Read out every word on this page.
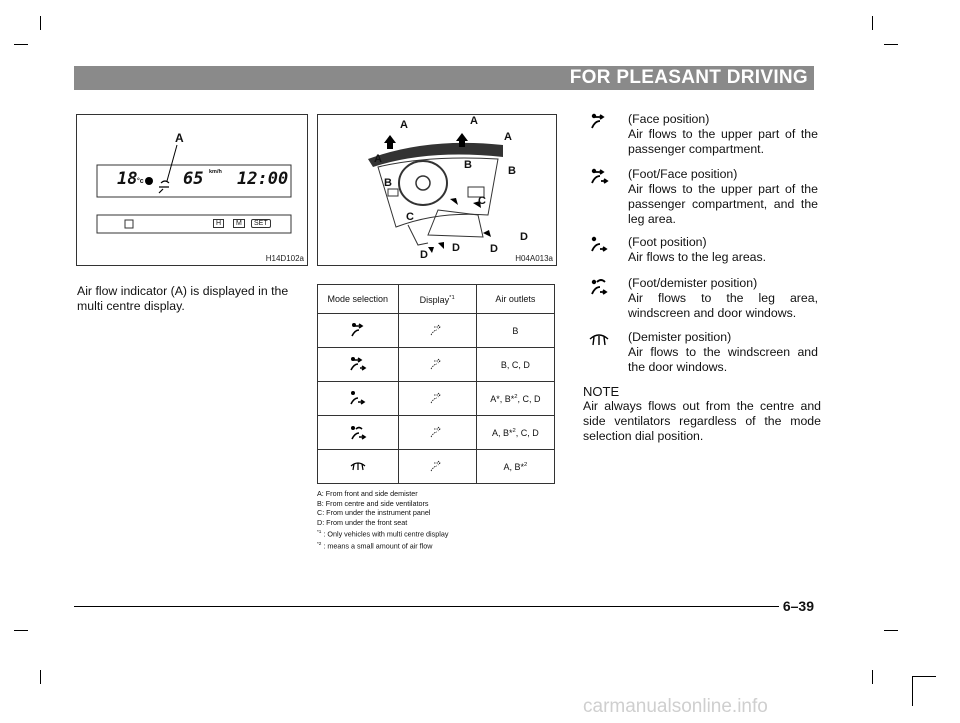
FOR PLEASANT DRIVING
A
18 °c 65 km/h 12:00
H	M	SET
H14D102a
Air flow indicator (A) is displayed in the multi centre display.
A	A
A
A
B
B	B
C
C
D
D	D
D
H04A013a
Mode selection	Display$^{*1}$	Air outlets
		B
		B, C, D
		A*, B*$^2$, C, D
		A, B*$^2$, C, D
		A, B*$^2$
A: From front and side demister
B: From centre and side ventilators
C: From under the instrument panel
D: From under the front seat
$^{*1}$ : Only vehicles with multi centre display
$^{*2}$ : means a small amount of air flow
(Face position)
Air flows to the upper part of the passenger compartment.
(Foot/Face position)
Air flows to the upper part of the passenger compartment, and the leg area.
(Foot position)
Air flows to the leg areas.
(Foot/demister position)
Air flows to the leg area, windscreen and door windows.
(Demister position)
Air flows to the windscreen and the door windows.
NOTE
Air always flows out from the centre and side ventilators regardless of the mode selection dial position.
6–39
carmanualsonline.info
